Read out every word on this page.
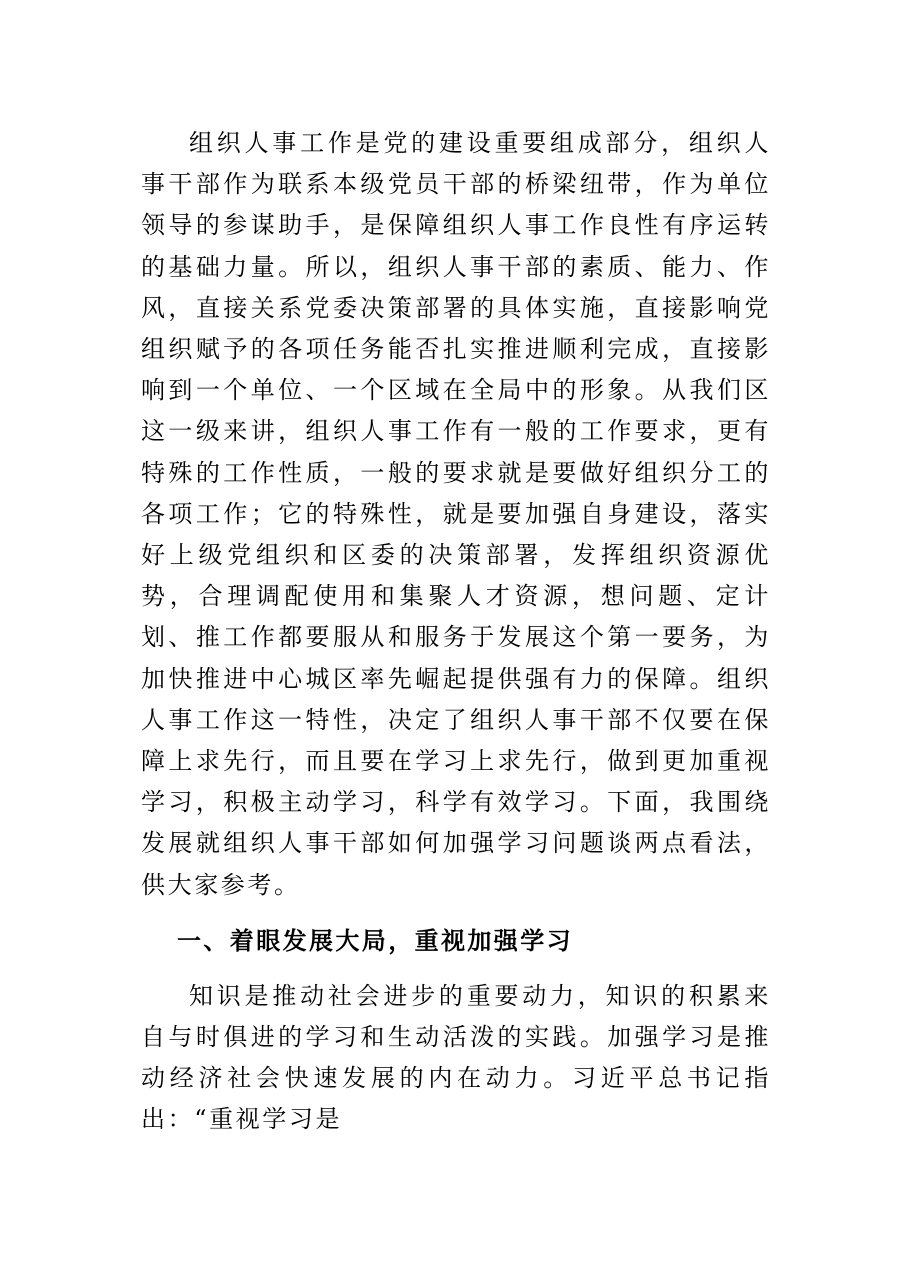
组织人事工作是党的建设重要组成部分，组织人事干部作为联系本级党员干部的桥梁纽带，作为单位领导的参谋助手，是保障组织人事工作良性有序运转的基础力量。所以，组织人事干部的素质、能力、作风，直接关系党委决策部署的具体实施，直接影响党组织赋予的各项任务能否扎实推进顺利完成，直接影响到一个单位、一个区域在全局中的形象。从我们区这一级来讲，组织人事工作有一般的工作要求，更有特殊的工作性质，一般的要求就是要做好组织分工的各项工作；它的特殊性，就是要加强自身建设，落实好上级党组织和区委的决策部署，发挥组织资源优势，合理调配使用和集聚人才资源，想问题、定计划、推工作都要服从和服务于发展这个第一要务，为加快推进中心城区率先崛起提供强有力的保障。组织人事工作这一特性，决定了组织人事干部不仅要在保障上求先行，而且要在学习上求先行，做到更加重视学习，积极主动学习，科学有效学习。下面，我围绕发展就组织人事干部如何加强学习问题谈两点看法，供大家参考。

一、着眼发展大局，重视加强学习

知识是推动社会进步的重要动力，知识的积累来自与时俱进的学习和生动活泼的实践。加强学习是推动经济社会快速发展的内在动力。习近平总书记指出：“重视学习是
